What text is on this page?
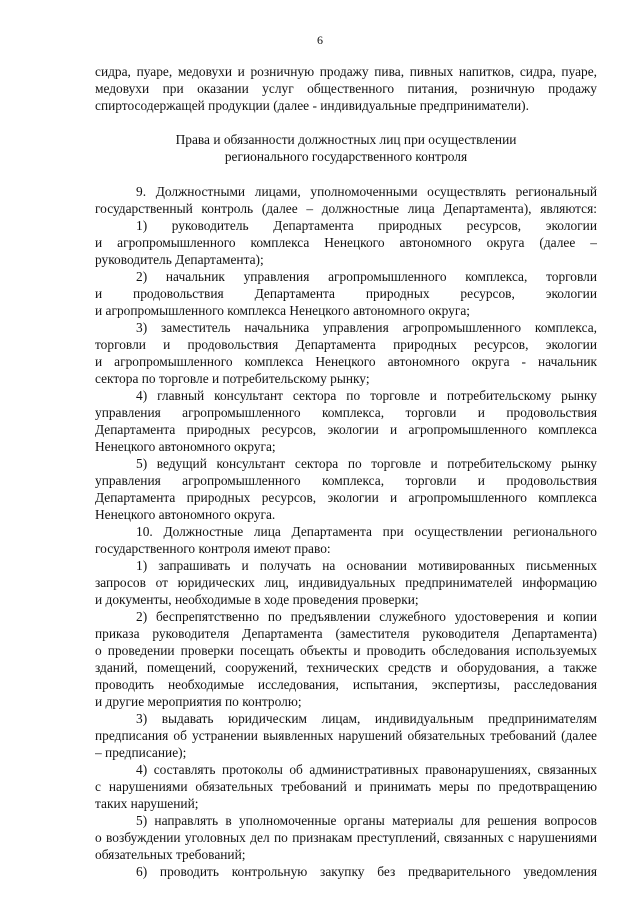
6
сидра, пуаре, медовухи и розничную продажу пива, пивных напитков, сидра, пуаре,
медовухи при оказании услуг общественного питания, розничную продажу
спиртосодержащей продукции (далее - индивидуальные предприниматели).
Права и обязанности должностных лиц при осуществлении
регионального государственного контроля
9. Должностными лицами, уполномоченными осуществлять региональный
государственный контроль (далее – должностные лица Департамента), являются:
1) руководитель Департамента природных ресурсов, экологии
и агропромышленного комплекса Ненецкого автономного округа (далее –
руководитель Департамента);
2) начальник управления агропромышленного комплекса, торговли
и продовольствия Департамента природных ресурсов, экологии
и агропромышленного комплекса Ненецкого автономного округа;
3) заместитель начальника управления агропромышленного комплекса,
торговли и продовольствия Департамента природных ресурсов, экологии
и агропромышленного комплекса Ненецкого автономного округа - начальник
сектора по торговле и потребительскому рынку;
4) главный консультант сектора по торговле и потребительскому рынку
управления агропромышленного комплекса, торговли и продовольствия
Департамента природных ресурсов, экологии и агропромышленного комплекса
Ненецкого автономного округа;
5) ведущий консультант сектора по торговле и потребительскому рынку
управления агропромышленного комплекса, торговли и продовольствия
Департамента природных ресурсов, экологии и агропромышленного комплекса
Ненецкого автономного округа.
10. Должностные лица Департамента при осуществлении регионального
государственного контроля имеют право:
1) запрашивать и получать на основании мотивированных письменных
запросов от юридических лиц, индивидуальных предпринимателей информацию
и документы, необходимые в ходе проведения проверки;
2) беспрепятственно по предъявлении служебного удостоверения и копии
приказа руководителя Департамента (заместителя руководителя Департамента)
о проведении проверки посещать объекты и проводить обследования используемых
зданий, помещений, сооружений, технических средств и оборудования, а также
проводить необходимые исследования, испытания, экспертизы, расследования
и другие мероприятия по контролю;
3) выдавать юридическим лицам, индивидуальным предпринимателям
предписания об устранении выявленных нарушений обязательных требований (далее
– предписание);
4) составлять протоколы об административных правонарушениях, связанных
с нарушениями обязательных требований и принимать меры по предотвращению
таких нарушений;
5) направлять в уполномоченные органы материалы для решения вопросов
о возбуждении уголовных дел по признакам преступлений, связанных с нарушениями
обязательных требований;
6) проводить контрольную закупку без предварительного уведомления
